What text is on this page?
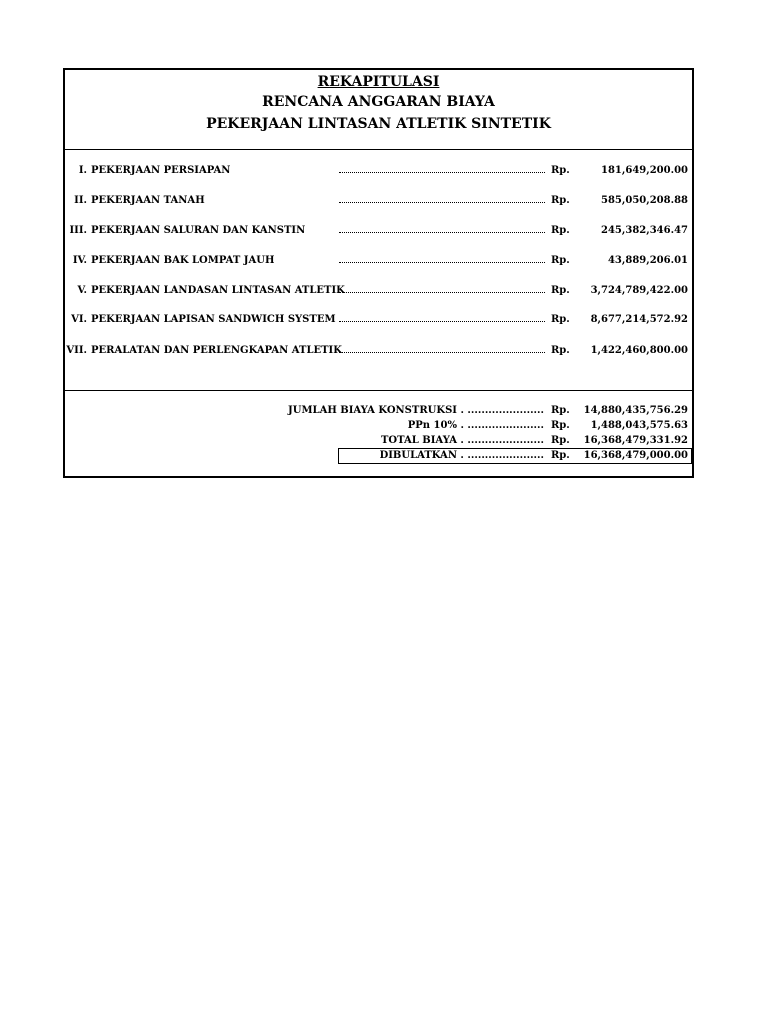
REKAPITULASI
RENCANA ANGGARAN BIAYA
PEKERJAAN LINTASAN ATLETIK SINTETIK
I. PEKERJAAN PERSIAPAN	Rp.	181,649,200.00
II. PEKERJAAN TANAH	Rp.	585,050,208.88
III. PEKERJAAN SALURAN DAN KANSTIN	Rp.	245,382,346.47
IV. PEKERJAAN BAK LOMPAT JAUH	Rp.	43,889,206.01
V. PEKERJAAN LANDASAN LINTASAN ATLETIK	Rp. 3,724,789,422.00
VI. PEKERJAAN LAPISAN SANDWICH SYSTEM	Rp. 8,677,214,572.92
VII. PERALATAN DAN PERLENGKAPAN ATLETIK	Rp. 1,422,460,800.00
JUMLAH BIAYA KONSTRUKSI . ...................... Rp. 14,880,435,756.29
PPn 10% . ...................... Rp. 1,488,043,575.63
TOTAL BIAYA . ...................... Rp. 16,368,479,331.92
DIBULATKAN . ...................... Rp. 16,368,479,000.00
